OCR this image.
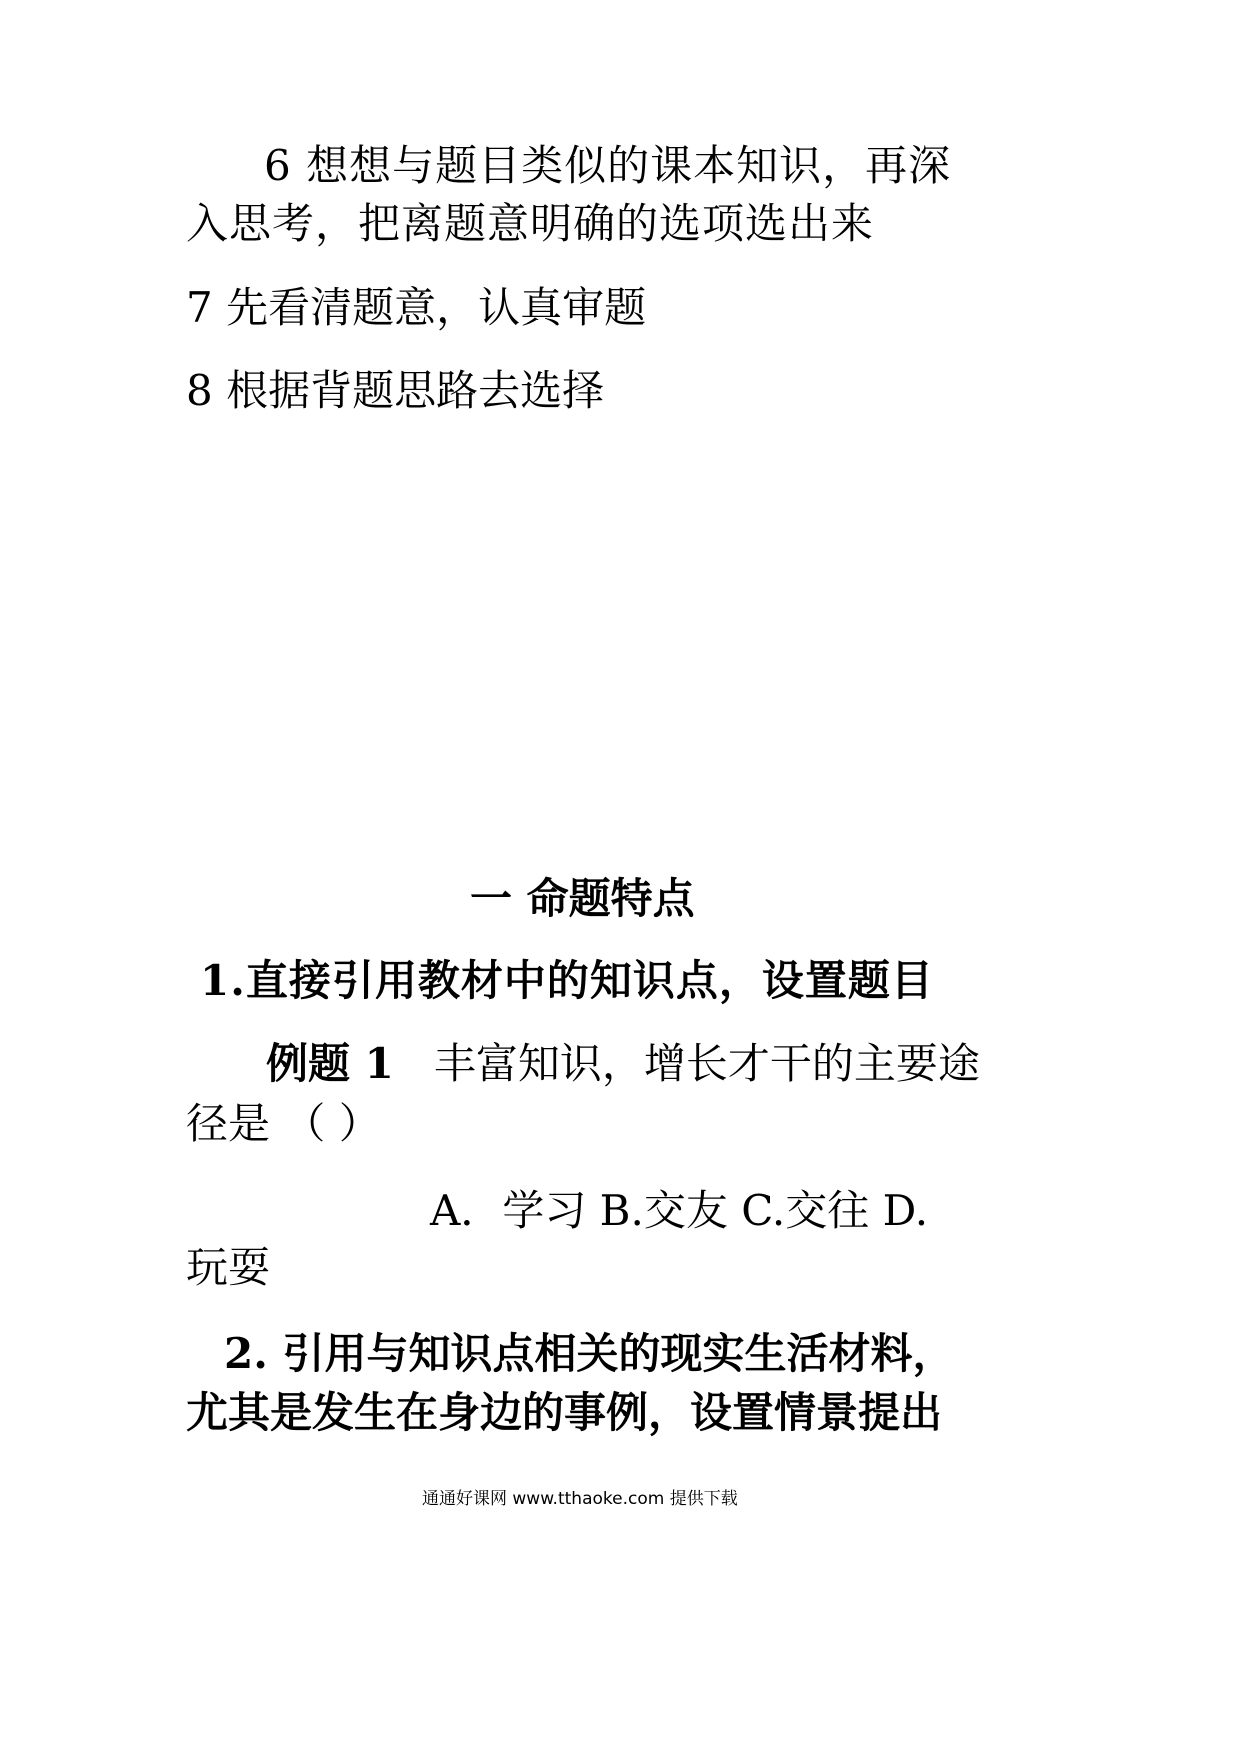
6 想想与题目类似的课本知识，再深
入思考，把离题意明确的选项选出来
7 先看清题意，认真审题
8 根据背题思路去选择
一 命题特点
1.直接引用教材中的知识点，设置题目
例题 1 丰富知识，增长才干的主要途
径是 （ ）
A．学习 B.交友 C.交往 D.
玩耍
2. 引用与知识点相关的现实生活材料，
尤其是发生在身边的事例，设置情景提出
通通好课网 www.tthaoke.com 提供下载
